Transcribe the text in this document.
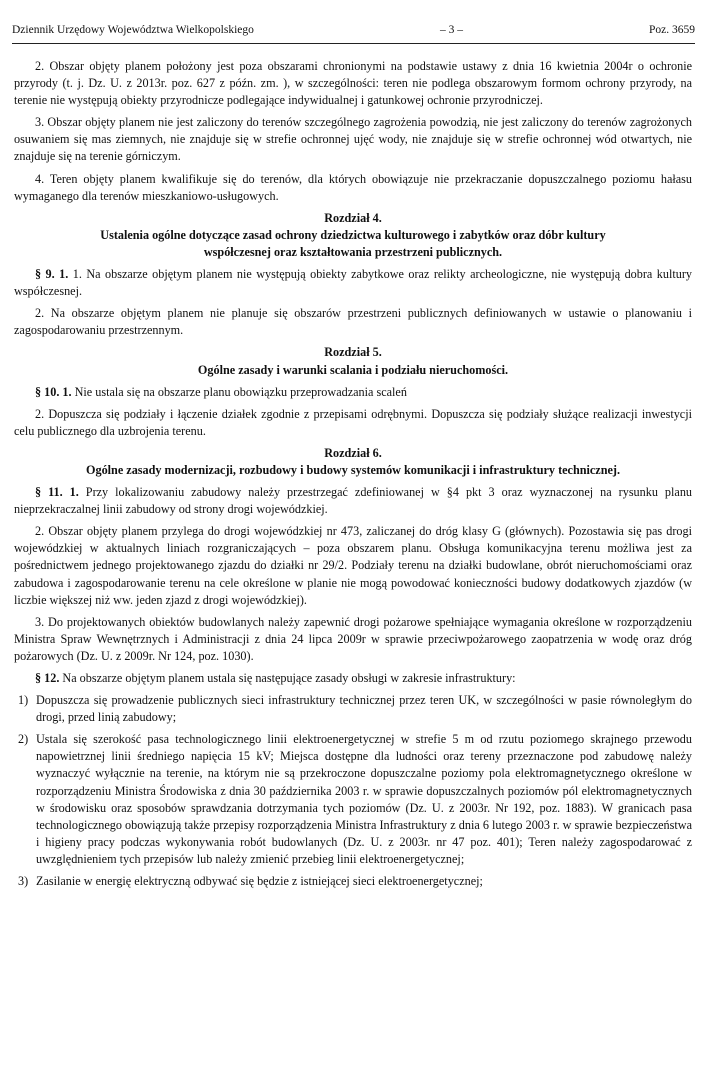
Dziennik Urzędowy Województwa Wielkopolskiego	– 3 –	Poz. 3659

2. Obszar objęty planem położony jest poza obszarami chronionymi na podstawie ustawy z dnia 16 kwietnia 2004r o ochronie przyrody (t. j. Dz. U. z 2013r. poz. 627 z późn. zm. ), w szczególności: teren nie podlega obszarowym formom ochrony przyrody, na terenie nie występują obiekty przyrodnicze podlegające indywidualnej i gatunkowej ochronie przyrodniczej.

3. Obszar objęty planem nie jest zaliczony do terenów szczególnego zagrożenia powodzią, nie jest zaliczony do terenów zagrożonych osuwaniem się mas ziemnych, nie znajduje się w strefie ochronnej ujęć wody, nie znajduje się w strefie ochronnej wód otwartych, nie znajduje się na terenie górniczym.

4. Teren objęty planem kwalifikuje się do terenów, dla których obowiązuje nie przekraczanie dopuszczalnego poziomu hałasu wymaganego dla terenów mieszkaniowo-usługowych.

Rozdział 4.

Ustalenia ogólne dotyczące zasad ochrony dziedzictwa kulturowego i zabytków oraz dóbr kultury

współczesnej oraz kształtowania przestrzeni publicznych.

§ 9. 1. 1. Na obszarze objętym planem nie występują obiekty zabytkowe oraz relikty archeologiczne, nie występują dobra kultury współczesnej.

2. Na obszarze objętym planem nie planuje się obszarów przestrzeni publicznych definiowanych w ustawie o planowaniu i zagospodarowaniu przestrzennym.

Rozdział 5.

Ogólne zasady i warunki scalania i podziału nieruchomości.

§ 10. 1. Nie ustala się na obszarze planu obowiązku przeprowadzania scaleń

2. Dopuszcza się podziały i łączenie działek zgodnie z przepisami odrębnymi. Dopuszcza się podziały służące realizacji inwestycji celu publicznego dla uzbrojenia terenu.

Rozdział 6.

Ogólne zasady modernizacji, rozbudowy i budowy systemów komunikacji i infrastruktury technicznej.

§ 11. 1. Przy lokalizowaniu zabudowy należy przestrzegać zdefiniowanej w §4 pkt 3 oraz wyznaczonej na rysunku planu nieprzekraczalnej linii zabudowy od strony drogi wojewódzkiej.

2. Obszar objęty planem przylega do drogi wojewódzkiej nr 473, zaliczanej do dróg klasy G (głównych). Pozostawia się pas drogi wojewódzkiej w aktualnych liniach rozgraniczających – poza obszarem planu. Obsługa komunikacyjna terenu możliwa jest za pośrednictwem jednego projektowanego zjazdu do działki nr 29/2. Podziały terenu na działki budowlane, obrót nieruchomościami oraz zabudowa i zagospodarowanie terenu na cele określone w planie nie mogą powodować konieczności budowy dodatkowych zjazdów (w liczbie większej niż ww. jeden zjazd z drogi wojewódzkiej).

3. Do projektowanych obiektów budowlanych należy zapewnić drogi pożarowe spełniające wymagania określone w rozporządzeniu Ministra Spraw Wewnętrznych i Administracji z dnia 24 lipca 2009r w sprawie przeciwpożarowego zaopatrzenia w wodę oraz dróg pożarowych (Dz. U. z 2009r. Nr 124, poz. 1030).

§ 12. Na obszarze objętym planem ustala się następujące zasady obsługi w zakresie infrastruktury:

1) Dopuszcza się prowadzenie publicznych sieci infrastruktury technicznej przez teren UK, w szczególności w pasie równoległym do drogi, przed linią zabudowy;
2) Ustala się szerokość pasa technologicznego linii elektroenergetycznej w strefie 5 m od rzutu poziomego skrajnego przewodu napowietrznej linii średniego napięcia 15 kV; Miejsca dostępne dla ludności oraz tereny przeznaczone pod zabudowę należy wyznaczyć wyłącznie na terenie, na którym nie są przekroczone dopuszczalne poziomy pola elektromagnetycznego określone w rozporządzeniu Ministra Środowiska z dnia 30 października 2003 r. w sprawie dopuszczalnych poziomów pól elektromagnetycznych w środowisku oraz sposobów sprawdzania dotrzymania tych poziomów (Dz. U. z 2003r. Nr 192, poz. 1883). W granicach pasa technologicznego obowiązują także przepisy rozporządzenia Ministra Infrastruktury z dnia 6 lutego 2003 r. w sprawie bezpieczeństwa i higieny pracy podczas wykonywania robót budowlanych (Dz. U. z 2003r. nr 47 poz. 401); Teren należy zagospodarować z uwzględnieniem tych przepisów lub należy zmienić przebieg linii elektroenergetycznej;
3) Zasilanie w energię elektryczną odbywać się będzie z istniejącej sieci elektroenergetycznej;
